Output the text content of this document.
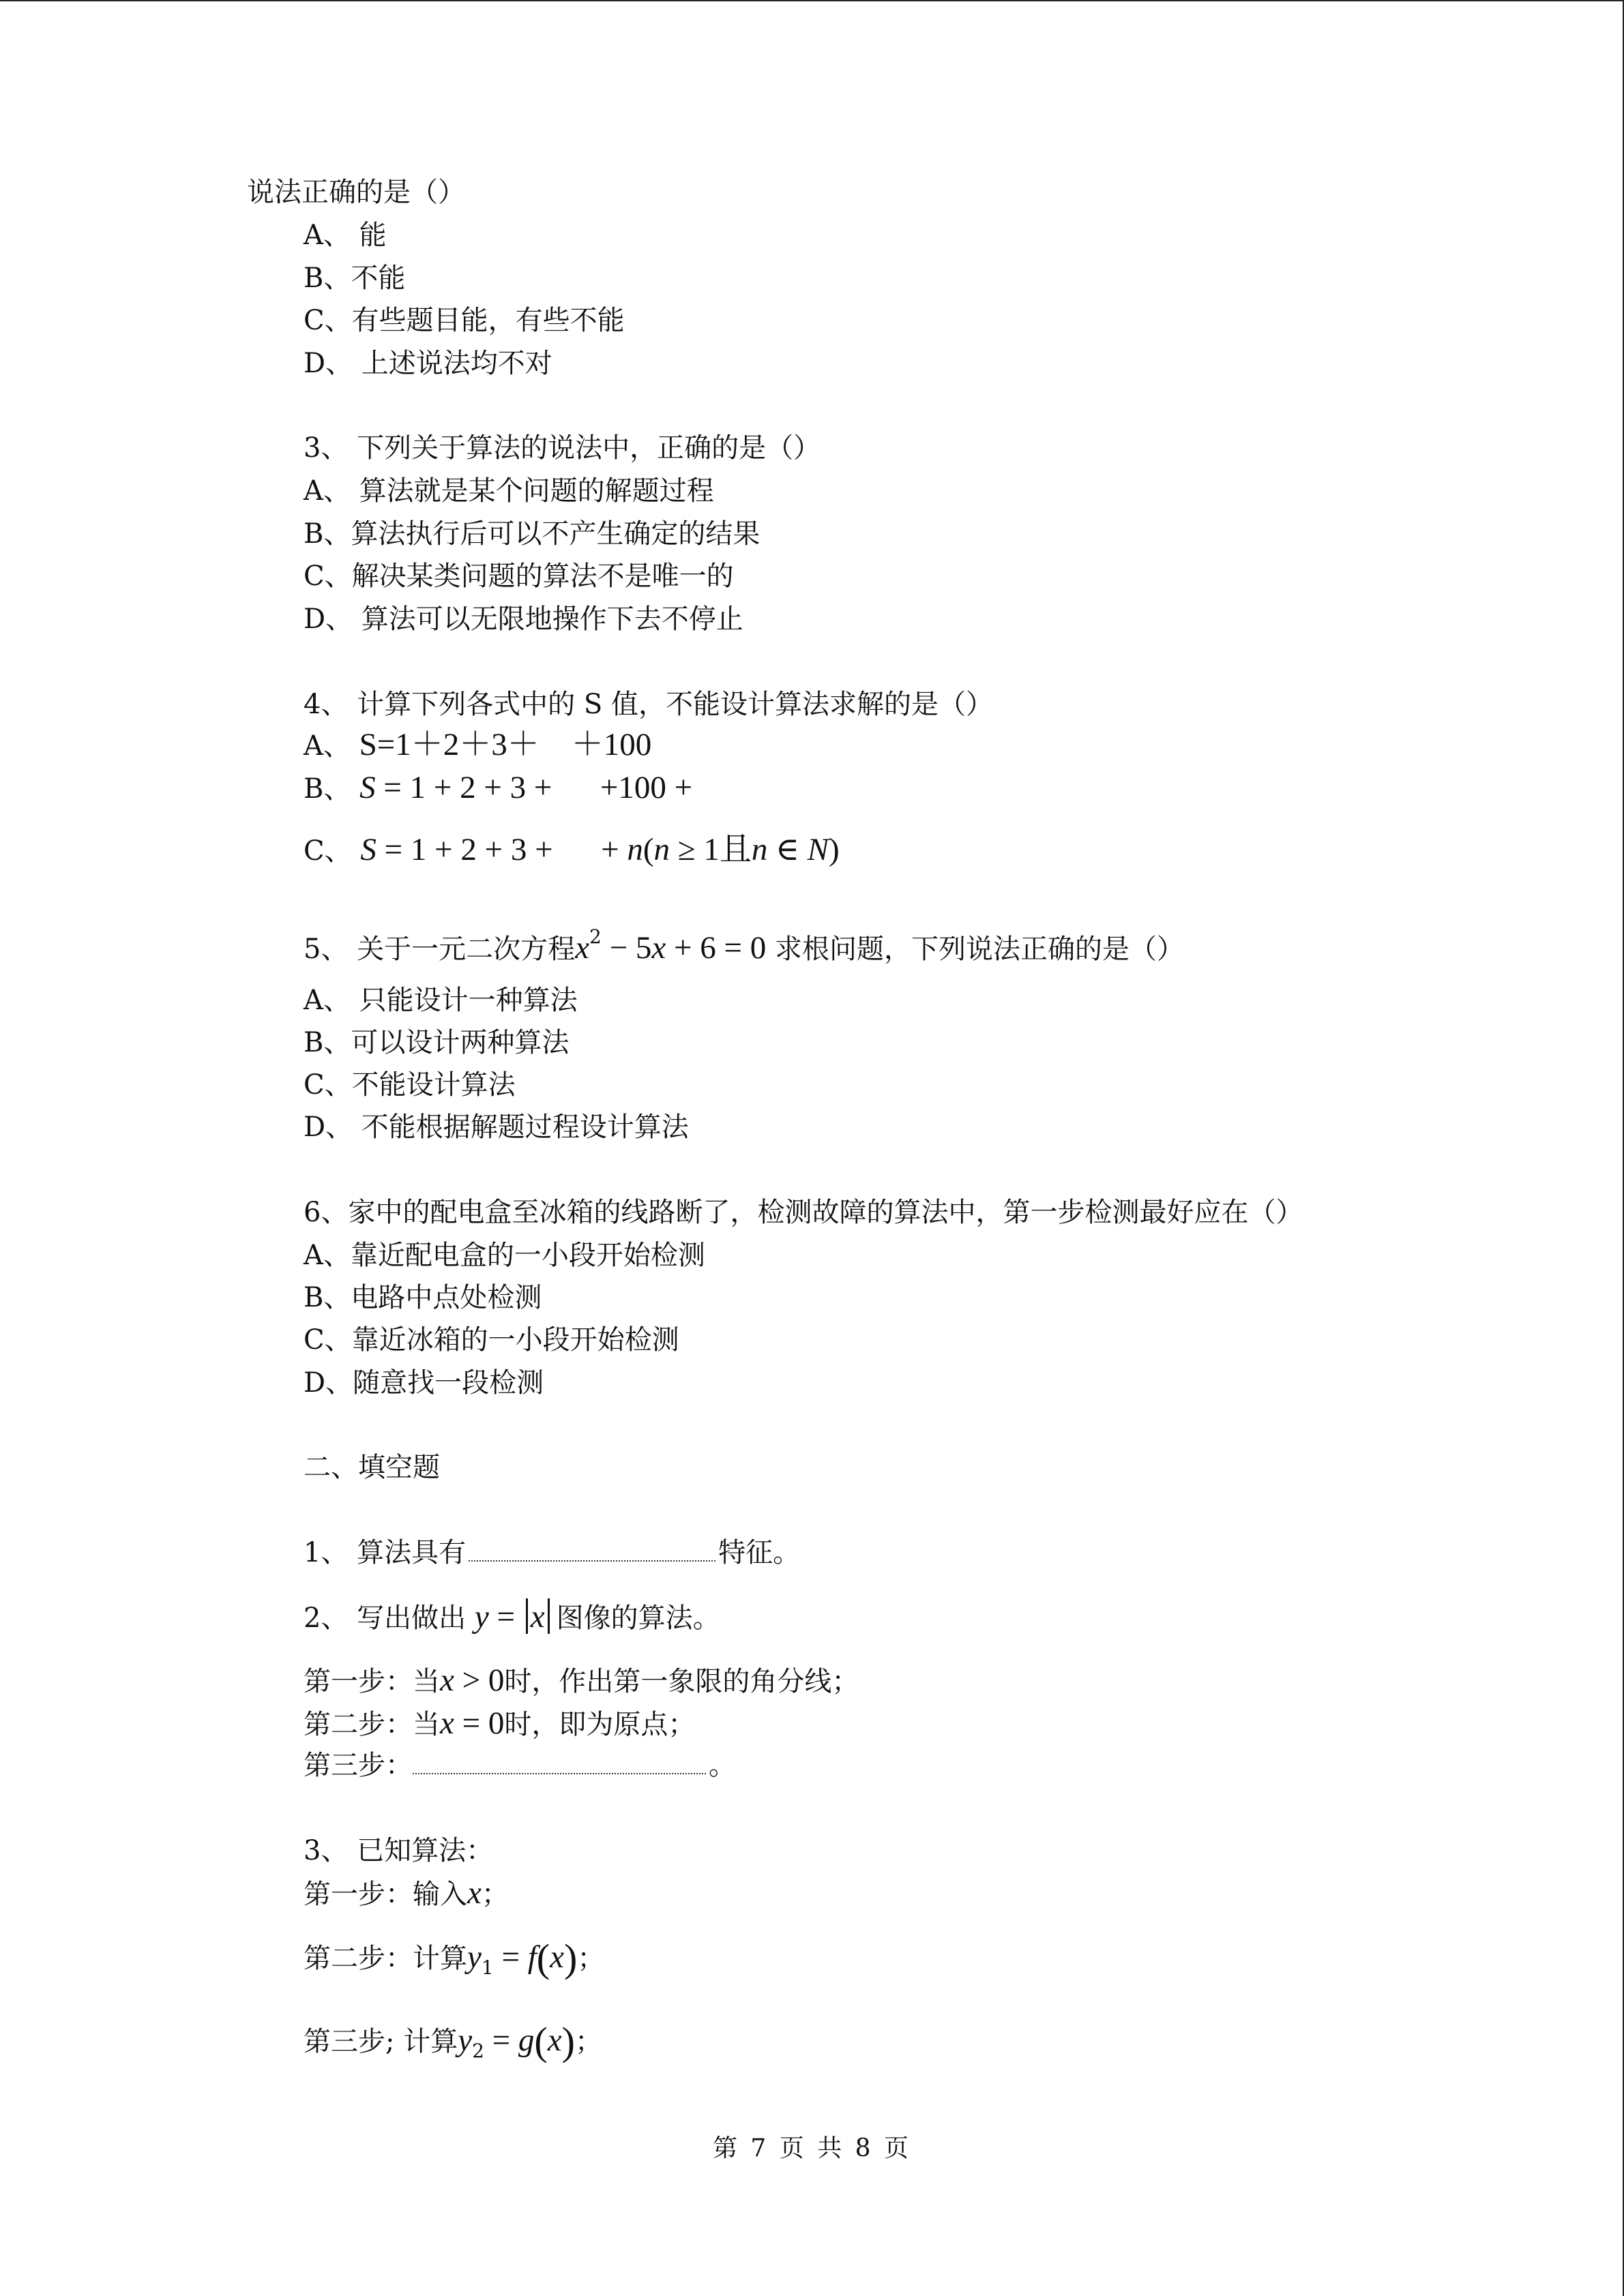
说法正确的是（）
A、 能
B、不能
C、有些题目能，有些不能
D、 上述说法均不对
3、 下列关于算法的说法中，正确的是（）
A、 算法就是某个问题的解题过程
B、算法执行后可以不产生确定的结果
C、解决某类问题的算法不是唯一的
D、 算法可以无限地操作下去不停止
4、 计算下列各式中的 S 值，不能设计算法求解的是（）
A、 S=1＋2＋3＋    ＋100
B、 S = 1 + 2 + 3 +      +100 +
C、 S = 1 + 2 + 3 +      + n(n ≥ 1且n ∈ N)
5、 关于一元二次方程$x^2 - 5x + 6 = 0$ 求根问题，下列说法正确的是（）
A、 只能设计一种算法
B、可以设计两种算法
C、不能设计算法
D、 不能根据解题过程设计算法
6、家中的配电盒至冰箱的线路断了，检测故障的算法中，第一步检测最好应在（）
A、靠近配电盒的一小段开始检测
B、电路中点处检测
C、靠近冰箱的一小段开始检测
D、随意找一段检测
二、填空题
1、 算法具有	特征。
2、 写出做出 y = x 图像的算法。
第一步：当x > 0时，作出第一象限的角分线；
第二步：当x = 0时，即为原点；
第三步：	。
3、 已知算法：
第一步：输入x；
第二步：计算$y_1 = f(x)$；
第三步; 计算$y_2 = g(x)$；
第 7 页 共 8 页
